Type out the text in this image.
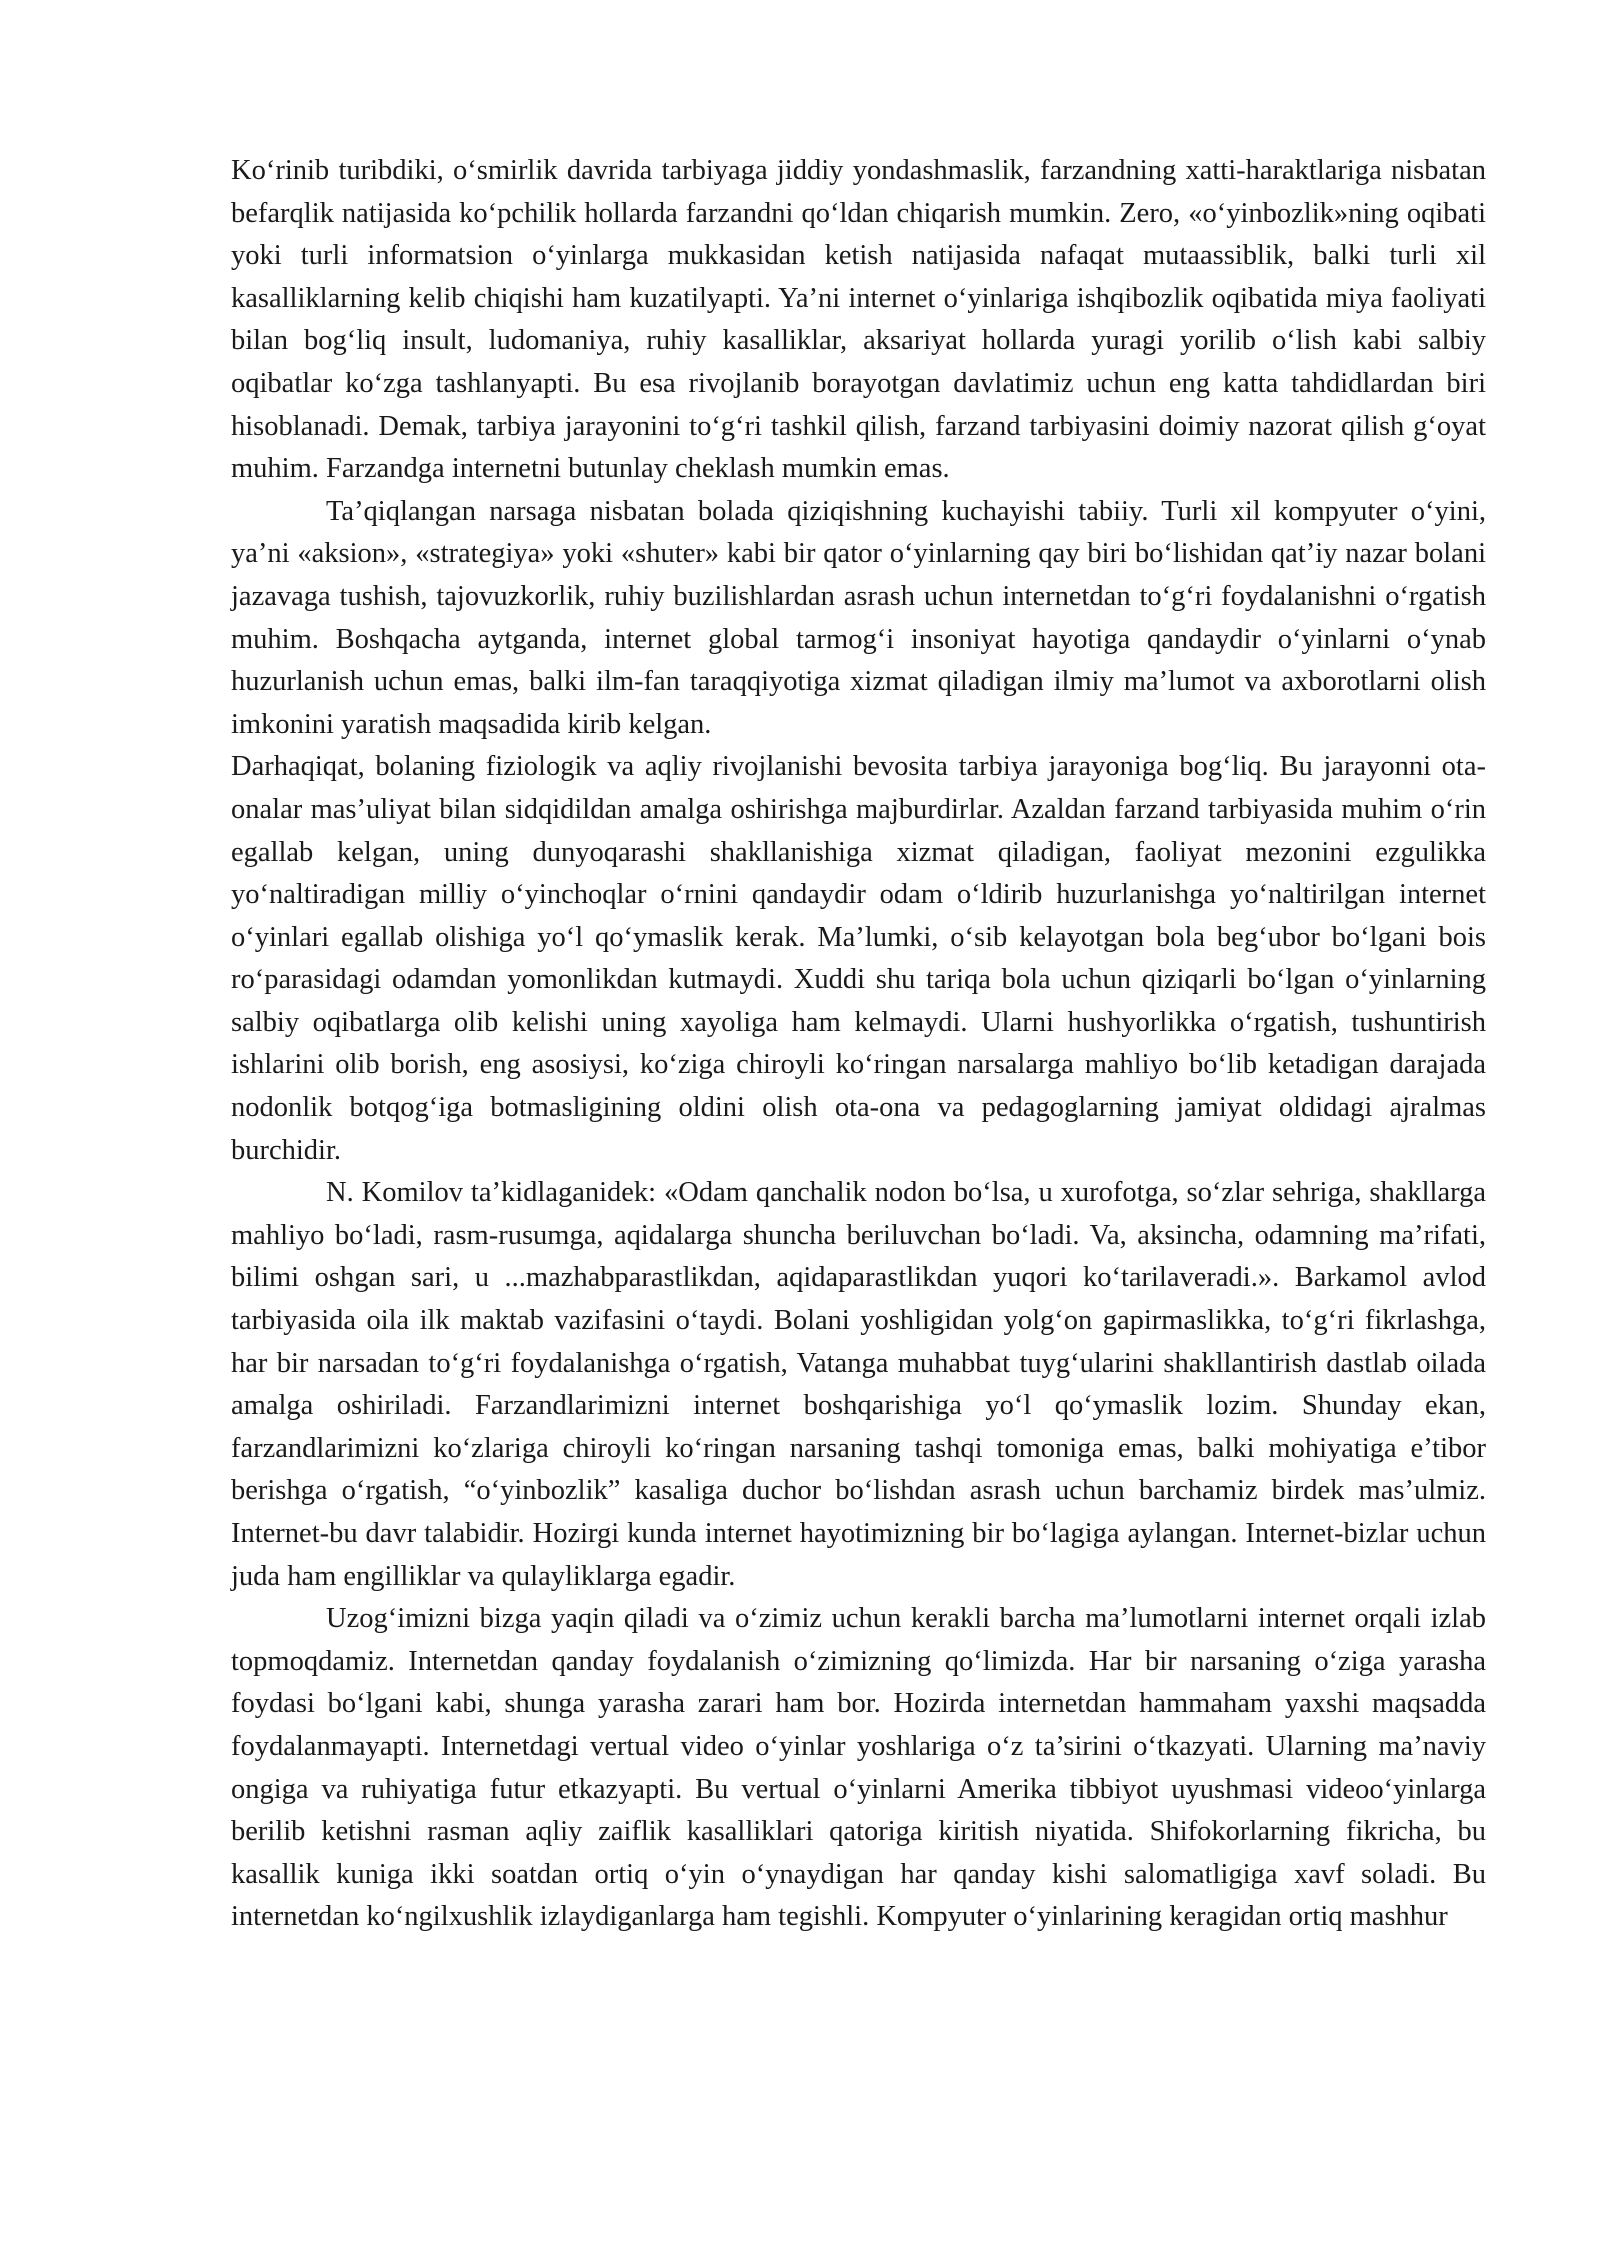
Koʻrinib turibdiki, oʻsmirlik davrida tarbiyaga jiddiy yondashmaslik, farzandning xatti-haraktlariga nisbatan befarqlik natijasida koʻpchilik hollarda farzandni qoʻldan chiqarish mumkin. Zero, «oʻyinbozlik»ning oqibati yoki turli informatsion oʻyinlarga mukkasidan ketish natijasida nafaqat mutaassiblik, balki turli xil kasalliklarning kelib chiqishi ham kuzatilyapti. Ya’ni internet oʻyinlariga ishqibozlik oqibatida miya faoliyati bilan bogʻliq insult, ludomaniya, ruhiy kasalliklar, aksariyat hollarda yuragi yorilib oʻlish kabi salbiy oqibatlar koʻzga tashlanyapti. Bu esa rivojlanib borayotgan davlatimiz uchun eng katta tahdidlardan biri hisoblanadi. Demak, tarbiya jarayonini toʻgʻri tashkil qilish, farzand tarbiyasini doimiy nazorat qilish gʻoyat muhim. Farzandga internetni butunlay cheklash mumkin emas.

Ta’qiqlangan narsaga nisbatan bolada qiziqishning kuchayishi tabiiy. Turli xil kompyuter oʻyini, ya’ni «aksion», «strategiya» yoki «shuter» kabi bir qator oʻyinlarning qay biri boʻlishidan qat’iy nazar bolani jazavaga tushish, tajovuzkorlik, ruhiy buzilishlardan asrash uchun internetdan toʻgʻri foydalanishni oʻrgatish muhim. Boshqacha aytganda, internet global tarmogʻi insoniyat hayotiga qandaydir oʻyinlarni oʻynab huzurlanish uchun emas, balki ilm-fan taraqqiyotiga xizmat qiladigan ilmiy ma’lumot va axborotlarni olish imkonini yaratish maqsadida kirib kelgan.

Darhaqiqat, bolaning fiziologik va aqliy rivojlanishi bevosita tarbiya jarayoniga bogʻliq. Bu jarayonni ota-onalar mas’uliyat bilan sidqidildan amalga oshirishga majburdirlar. Azaldan farzand tarbiyasida muhim oʻrin egallab kelgan, uning dunyoqarashi shakllanishiga xizmat qiladigan, faoliyat mezonini ezgulikka yoʻnaltiradigan milliy oʻyinchoqlar oʻrnini qandaydir odam oʻldirib huzurlanishga yoʻnaltirilgan internet oʻyinlari egallab olishiga yoʻl qoʻymaslik kerak. Ma’lumki, oʻsib kelayotgan bola begʻubor boʻlgani bois roʻparasidagi odamdan yomonlikdan kutmaydi. Xuddi shu tariqa bola uchun qiziqarli boʻlgan oʻyinlarning salbiy oqibatlarga olib kelishi uning xayoliga ham kelmaydi. Ularni hushyorlikka oʻrgatish, tushuntirish ishlarini olib borish, eng asosiysi, koʻziga chiroyli koʻringan narsalarga mahliyo boʻlib ketadigan darajada nodonlik botqogʻiga botmasligining oldini olish ota-ona va pedagoglarning jamiyat oldidagi ajralmas burchidir.

N. Komilov ta’kidlaganidek: «Odam qanchalik nodon boʻlsa, u xurofotga, soʻzlar sehriga, shakllarga mahliyo boʻladi, rasm-rusumga, aqidalarga shuncha beriluvchan boʻladi. Va, aksincha, odamning ma’rifati, bilimi oshgan sari, u ...mazhabparastlikdan, aqidaparastlikdan yuqori koʻtarilaveradi.». Barkamol avlod tarbiyasida oila ilk maktab vazifasini oʻtaydi. Bolani yoshligidan yolgʻon gapirmaslikka, toʻgʻri fikrlashga, har bir narsadan toʻgʻri foydalanishga oʻrgatish, Vatanga muhabbat tuygʻularini shakllantirish dastlab oilada amalga oshiriladi. Farzandlarimizni internet boshqarishiga yoʻl qoʻymaslik lozim. Shunday ekan, farzandlarimizni koʻzlariga chiroyli koʻringan narsaning tashqi tomoniga emas, balki mohiyatiga e’tibor berishga oʻrgatish, “oʻyinbozlik” kasaliga duchor boʻlishdan asrash uchun barchamiz birdek mas’ulmiz. Internet-bu davr talabidir. Hozirgi kunda internet hayotimizning bir boʻlagiga aylangan. Internet-bizlar uchun juda ham engilliklar va qulayliklarga egadir.

Uzogʻimizni bizga yaqin qiladi va oʻzimiz uchun kerakli barcha ma’lumotlarni internet orqali izlab topmoqdamiz. Internetdan qanday foydalanish oʻzimizning qoʻlimizda. Har bir narsaning oʻziga yarasha foydasi boʻlgani kabi, shunga yarasha zarari ham bor. Hozirda internetdan hammaham yaxshi maqsadda foydalanmayapti. Internetdagi vertual video oʻyinlar yoshlariga oʻz ta’sirini oʻtkazyati. Ularning ma’naviy ongiga va ruhiyatiga futur etkazyapti. Bu vertual oʻyinlarni Amerika tibbiyot uyushmasi videooʻyinlarga berilib ketishni rasman aqliy zaiflik kasalliklari qatoriga kiritish niyatida. Shifokorlarning fikricha, bu kasallik kuniga ikki soatdan ortiq oʻyin oʻynaydigan har qanday kishi salomatligiga xavf soladi. Bu internetdan koʻngilxushlik izlaydiganlarga ham tegishli. Kompyuter oʻyinlarining keragidan ortiq mashhur
